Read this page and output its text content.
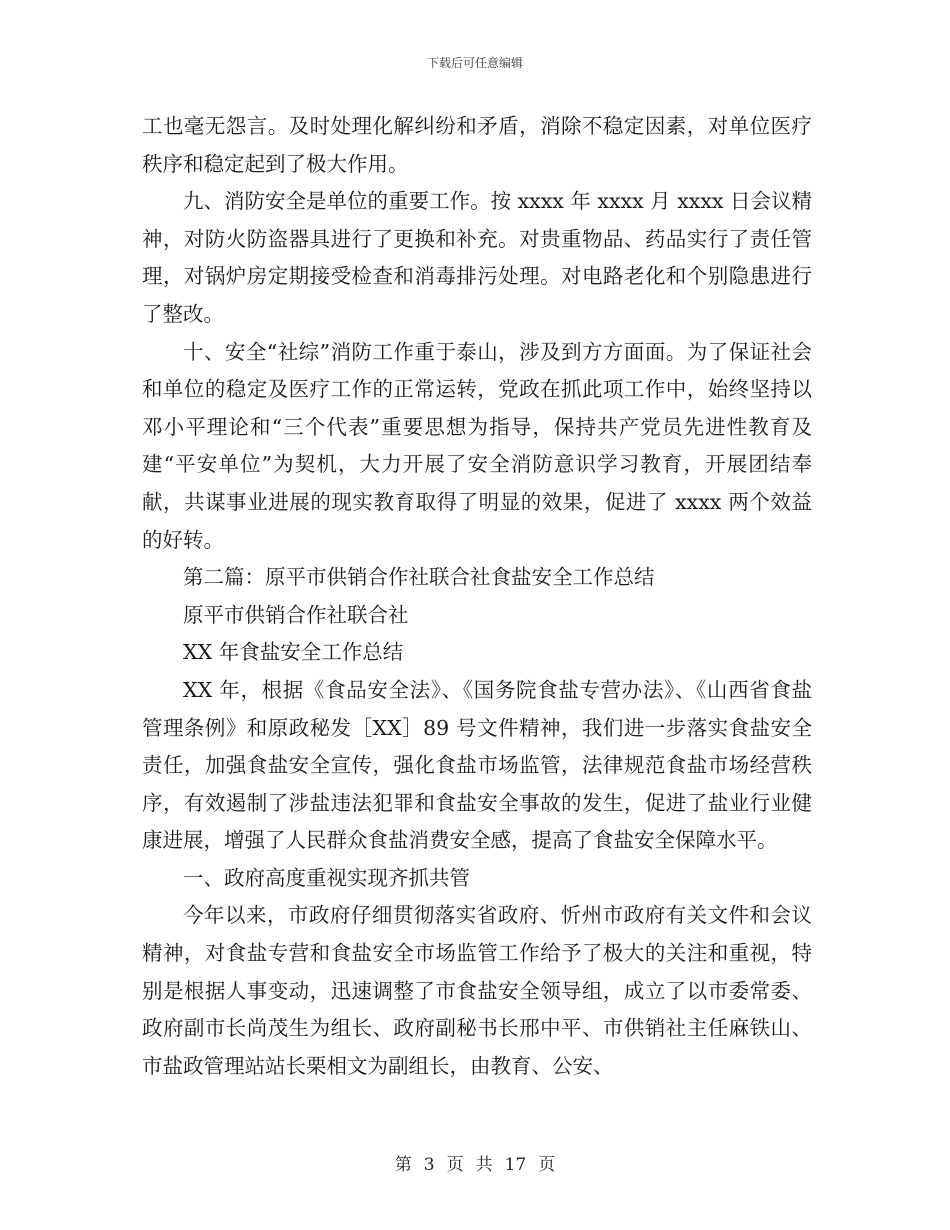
下载后可任意编辑

工也毫无怨言。及时处理化解纠纷和矛盾，消除不稳定因素，对单位医疗秩序和稳定起到了极大作用。

九、消防安全是单位的重要工作。按 xxxx 年 xxxx 月 xxxx 日会议精神，对防火防盗器具进行了更换和补充。对贵重物品、药品实行了责任管理，对锅炉房定期接受检查和消毒排污处理。对电路老化和个别隐患进行了整改。

十、安全“社综”消防工作重于泰山，涉及到方方面面。为了保证社会和单位的稳定及医疗工作的正常运转，党政在抓此项工作中，始终坚持以邓小平理论和“三个代表”重要思想为指导，保持共产党员先进性教育及建“平安单位”为契机，大力开展了安全消防意识学习教育，开展团结奉献，共谋事业进展的现实教育取得了明显的效果，促进了 xxxx 两个效益的好转。

第二篇：原平市供销合作社联合社食盐安全工作总结

原平市供销合作社联合社

XX 年食盐安全工作总结

XX 年，根据《食品安全法》、《国务院食盐专营办法》、《山西省食盐管理条例》和原政秘发［XX］89 号文件精神，我们进一步落实食盐安全责任，加强食盐安全宣传，强化食盐市场监管，法律规范食盐市场经营秩序，有效遏制了涉盐违法犯罪和食盐安全事故的发生，促进了盐业行业健康进展，增强了人民群众食盐消费安全感，提高了食盐安全保障水平。

一、政府高度重视实现齐抓共管

今年以来，市政府仔细贯彻落实省政府、忻州市政府有关文件和会议精神，对食盐专营和食盐安全市场监管工作给予了极大的关注和重视，特别是根据人事变动，迅速调整了市食盐安全领导组，成立了以市委常委、政府副市长尚茂生为组长、政府副秘书长邢中平、市供销社主任麻铁山、市盐政管理站站长栗相文为副组长，由教育、公安、

第 3 页 共 17 页
